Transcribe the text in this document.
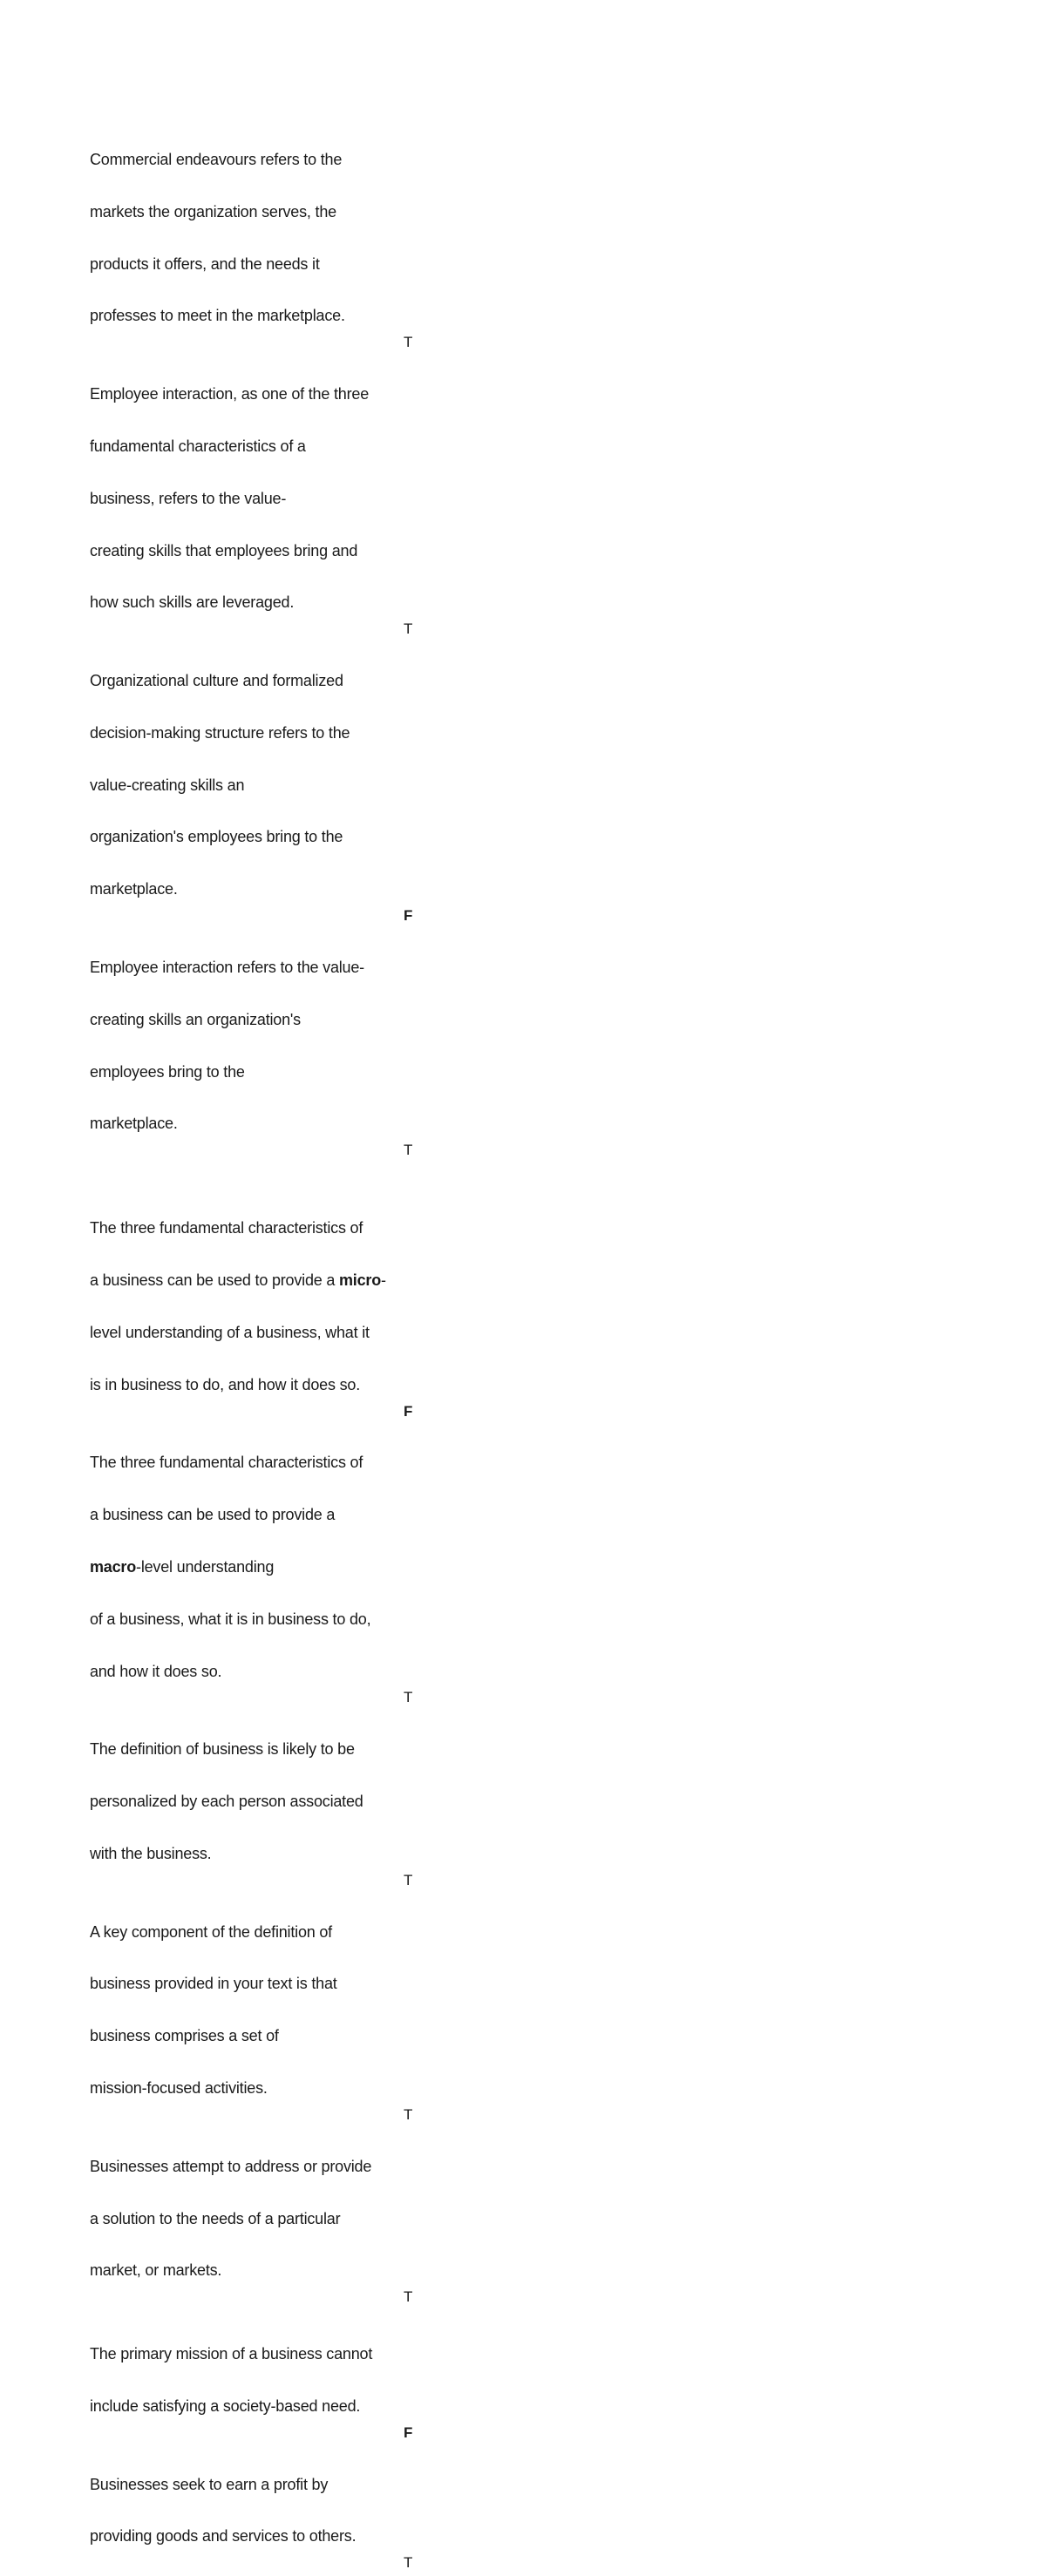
Commercial endeavours refers to the

markets the organization serves, the

products it offers, and the needs it

professes to meet in the marketplace.

T

Employee interaction, as one of the three

fundamental characteristics of a

business, refers to the value-

creating skills that employees bring and

how such skills are leveraged.

T

Organizational culture and formalized

decision-making structure refers to the

value-creating skills an

organization's employees bring to the

marketplace.

F

Employee interaction refers to the value-

creating skills an organization's

employees bring to the

marketplace.

T

The three fundamental characteristics of

a business can be used to provide a micro-

level understanding of a business, what it

is in business to do, and how it does so.

F

The three fundamental characteristics of

a business can be used to provide a

macro-level understanding

of a business, what it is in business to do,

and how it does so.

T

The definition of business is likely to be

personalized by each person associated

with the business.

T

A key component of the definition of

business provided in your text is that

business comprises a set of

mission-focused activities.

T

Businesses attempt to address or provide

a solution to the needs of a particular

market, or markets.

T

The primary mission of a business cannot

include satisfying a society-based need.

F

Businesses seek to earn a profit by

providing goods and services to others.

T
